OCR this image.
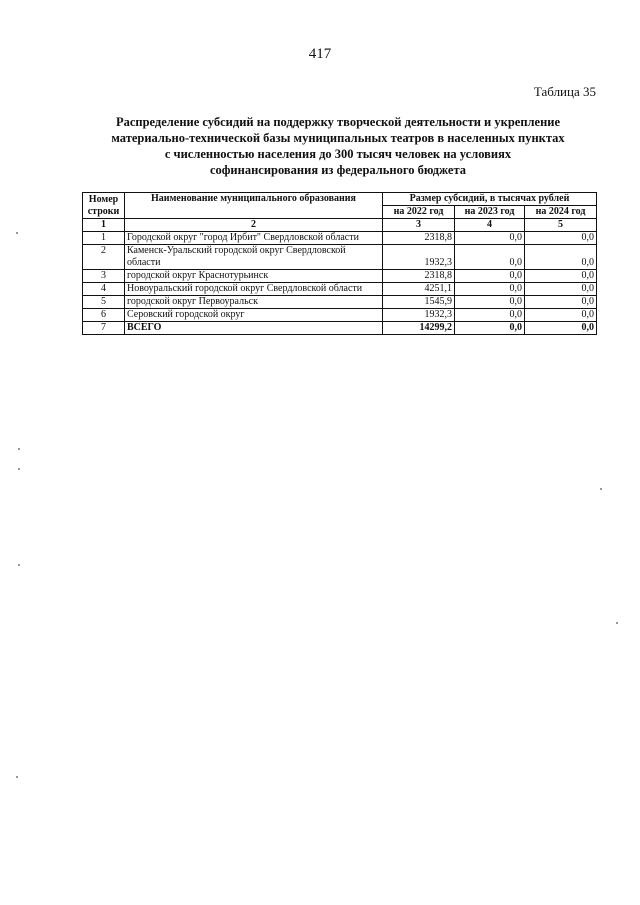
417
Таблица 35
Распределение субсидий на поддержку творческой деятельности и укрепление
материально-технической базы муниципальных театров в населенных пунктах
с численностью населения до 300 тысяч человек на условиях
софинансирования из федерального бюджета
Номер строки	Наименование муниципального образования	Размер субсидий, в тысячах рублей		
		на 2022 год	на 2023 год	на 2024 год
1	2	3	4	5
1	Городской округ "город Ирбит" Свердловской области	2318,8	0,0	0,0
2	Каменск-Уральский городской округ Свердловской области	1932,3	0,0	0,0
3	городской округ Краснотурьинск	2318,8	0,0	0,0
4	Новоуральский городской округ Свердловской области	4251,1	0,0	0,0
5	городской округ Первоуральск	1545,9	0,0	0,0
6	Серовский городской округ	1932,3	0,0	0,0
7	ВСЕГО	14299,2	0,0	0,0
